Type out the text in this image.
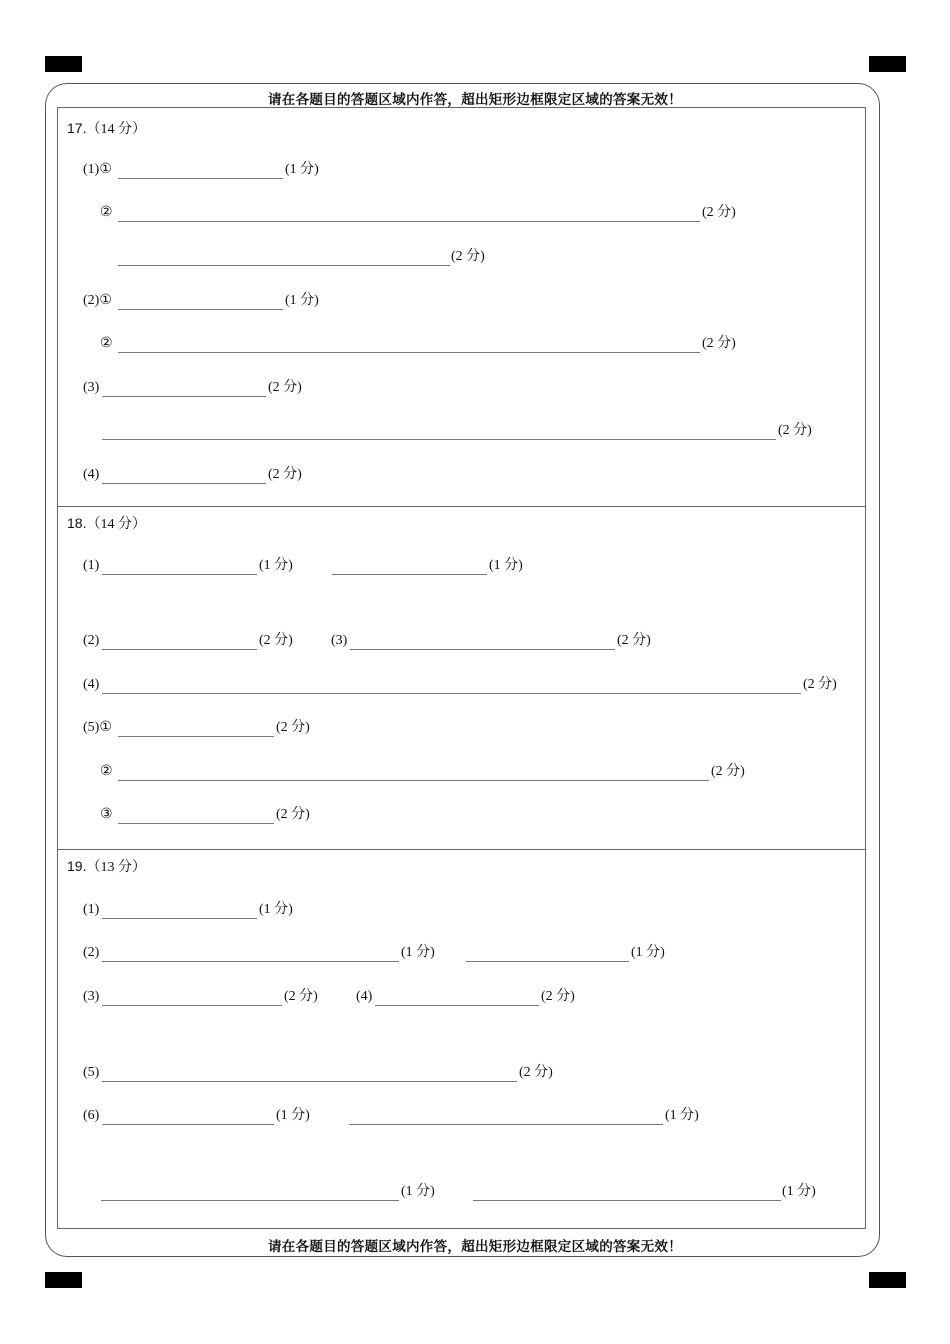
请在各题目的答题区域内作答，超出矩形边框限定区域的答案无效！
请在各题目的答题区域内作答，超出矩形边框限定区域的答案无效！
17.（14 分）
(1)①	(1 分)
②	(2 分)
(2 分)
(2)①	(1 分)
②	(2 分)
(3)	(2 分)
(2 分)
(4)	(2 分)
18.（14 分）
(1)	(1 分)	(1 分)
(2)	(2 分)	(3)	(2 分)
(4)	(2 分)
(5)①	(2 分)
②	(2 分)
③	(2 分)
19.（13 分）
(1)	(1 分)
(2)	(1 分)	(1 分)
(3)	(2 分)	(4)	(2 分)
(5)	(2 分)
(6)	(1 分)	(1 分)
(1 分)	(1 分)
